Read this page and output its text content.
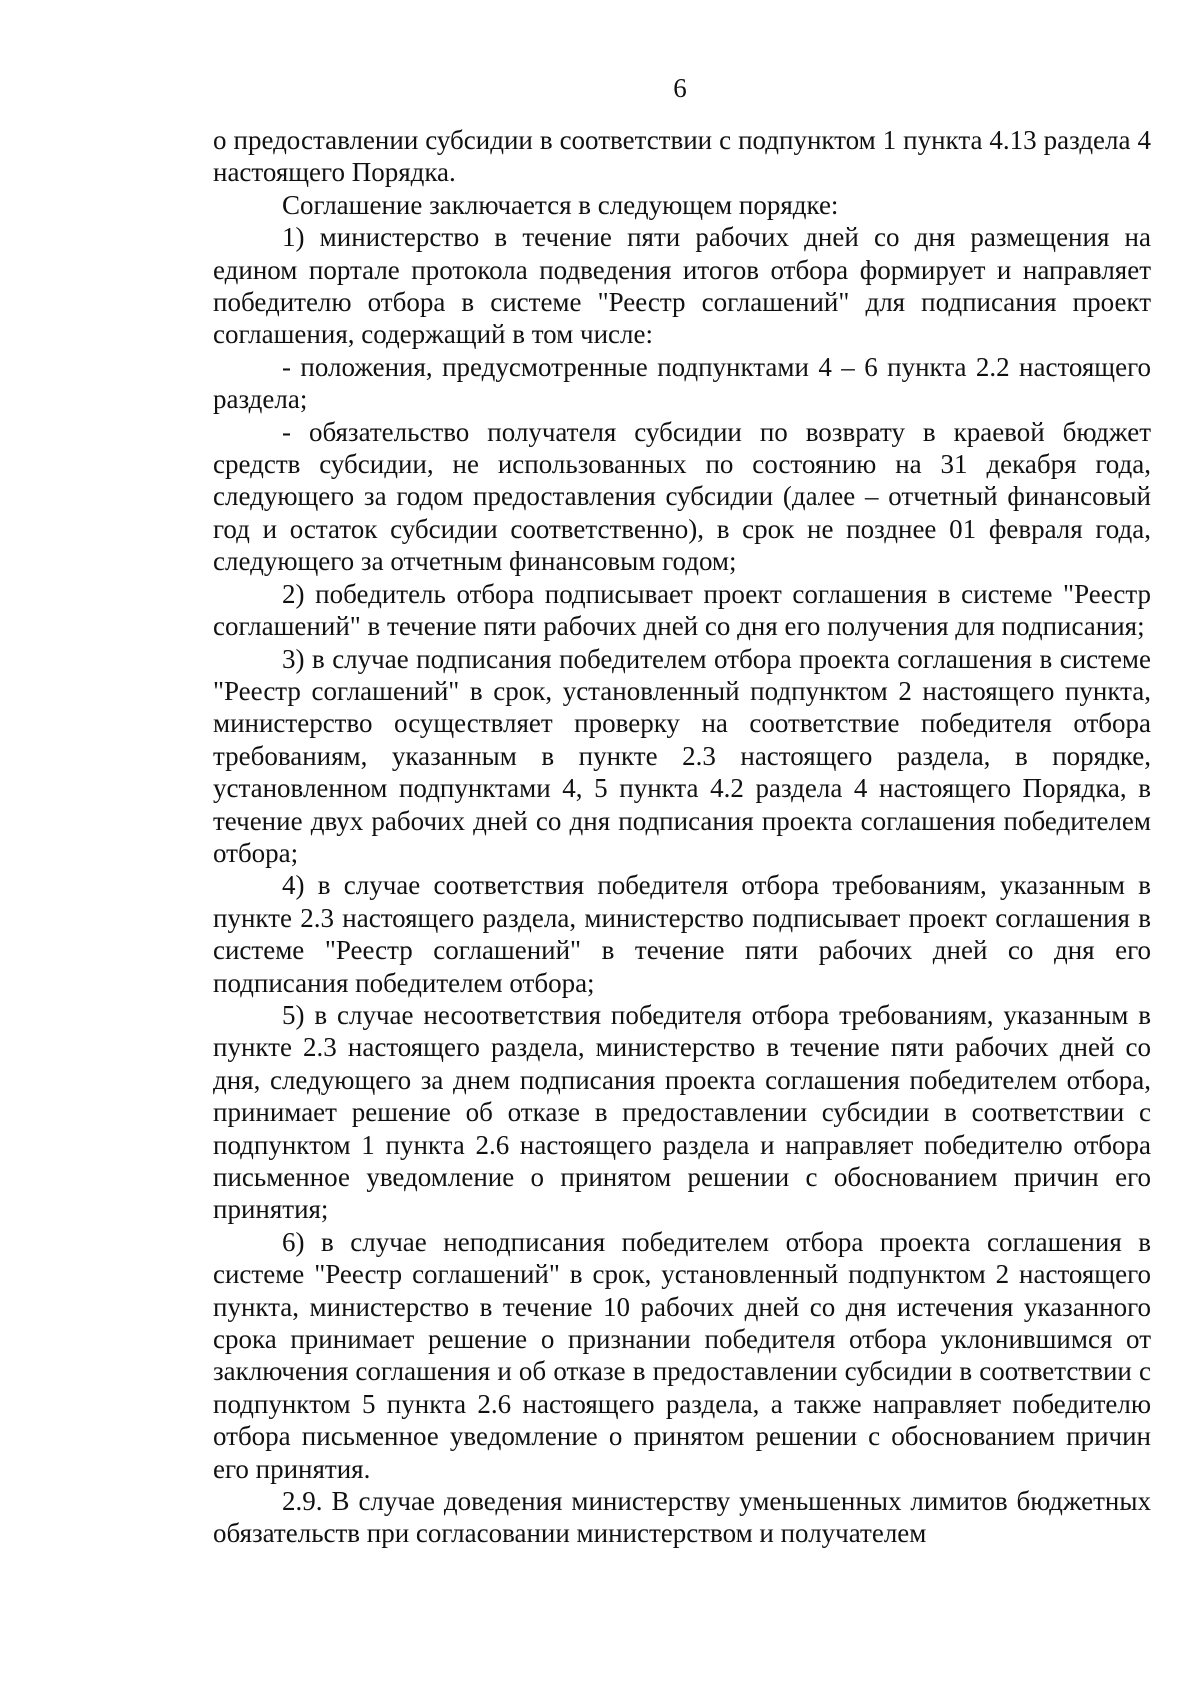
6

о предоставлении субсидии в соответствии с подпунктом 1 пункта 4.13 раздела 4 настоящего Порядка.

Соглашение заключается в следующем порядке:

1) министерство в течение пяти рабочих дней со дня размещения на едином портале протокола подведения итогов отбора формирует и направляет победителю отбора в системе "Реестр соглашений" для подписания проект соглашения, содержащий в том числе:

- положения, предусмотренные подпунктами 4 – 6 пункта 2.2 настоящего раздела;

- обязательство получателя субсидии по возврату в краевой бюджет средств субсидии, не использованных по состоянию на 31 декабря года, следующего за годом предоставления субсидии (далее – отчетный финансовый год и остаток субсидии соответственно), в срок не позднее 01 февраля года, следующего за отчетным финансовым годом;

2) победитель отбора подписывает проект соглашения в системе "Реестр соглашений" в течение пяти рабочих дней со дня его получения для подписания;

3) в случае подписания победителем отбора проекта соглашения в системе "Реестр соглашений" в срок, установленный подпунктом 2 настоящего пункта, министерство осуществляет проверку на соответствие победителя отбора требованиям, указанным в пункте 2.3 настоящего раздела, в порядке, установленном подпунктами 4, 5 пункта 4.2 раздела 4 настоящего Порядка, в течение двух рабочих дней со дня подписания проекта соглашения победителем отбора;

4) в случае соответствия победителя отбора требованиям, указанным в пункте 2.3 настоящего раздела, министерство подписывает проект соглашения в системе "Реестр соглашений" в течение пяти рабочих дней со дня его подписания победителем отбора;

5) в случае несоответствия победителя отбора требованиям, указанным в пункте 2.3 настоящего раздела, министерство в течение пяти рабочих дней со дня, следующего за днем подписания проекта соглашения победителем отбора, принимает решение об отказе в предоставлении субсидии в соответствии с подпунктом 1 пункта 2.6 настоящего раздела и направляет победителю отбора письменное уведомление о принятом решении с обоснованием причин его принятия;

6) в случае неподписания победителем отбора проекта соглашения в системе "Реестр соглашений" в срок, установленный подпунктом 2 настоящего пункта, министерство в течение 10 рабочих дней со дня истечения указанного срока принимает решение о признании победителя отбора уклонившимся от заключения соглашения и об отказе в предоставлении субсидии в соответствии с подпунктом 5 пункта 2.6 настоящего раздела, а также направляет победителю отбора письменное уведомление о принятом решении с обоснованием причин его принятия.

2.9. В случае доведения министерству уменьшенных лимитов бюджетных обязательств при согласовании министерством и получателем
